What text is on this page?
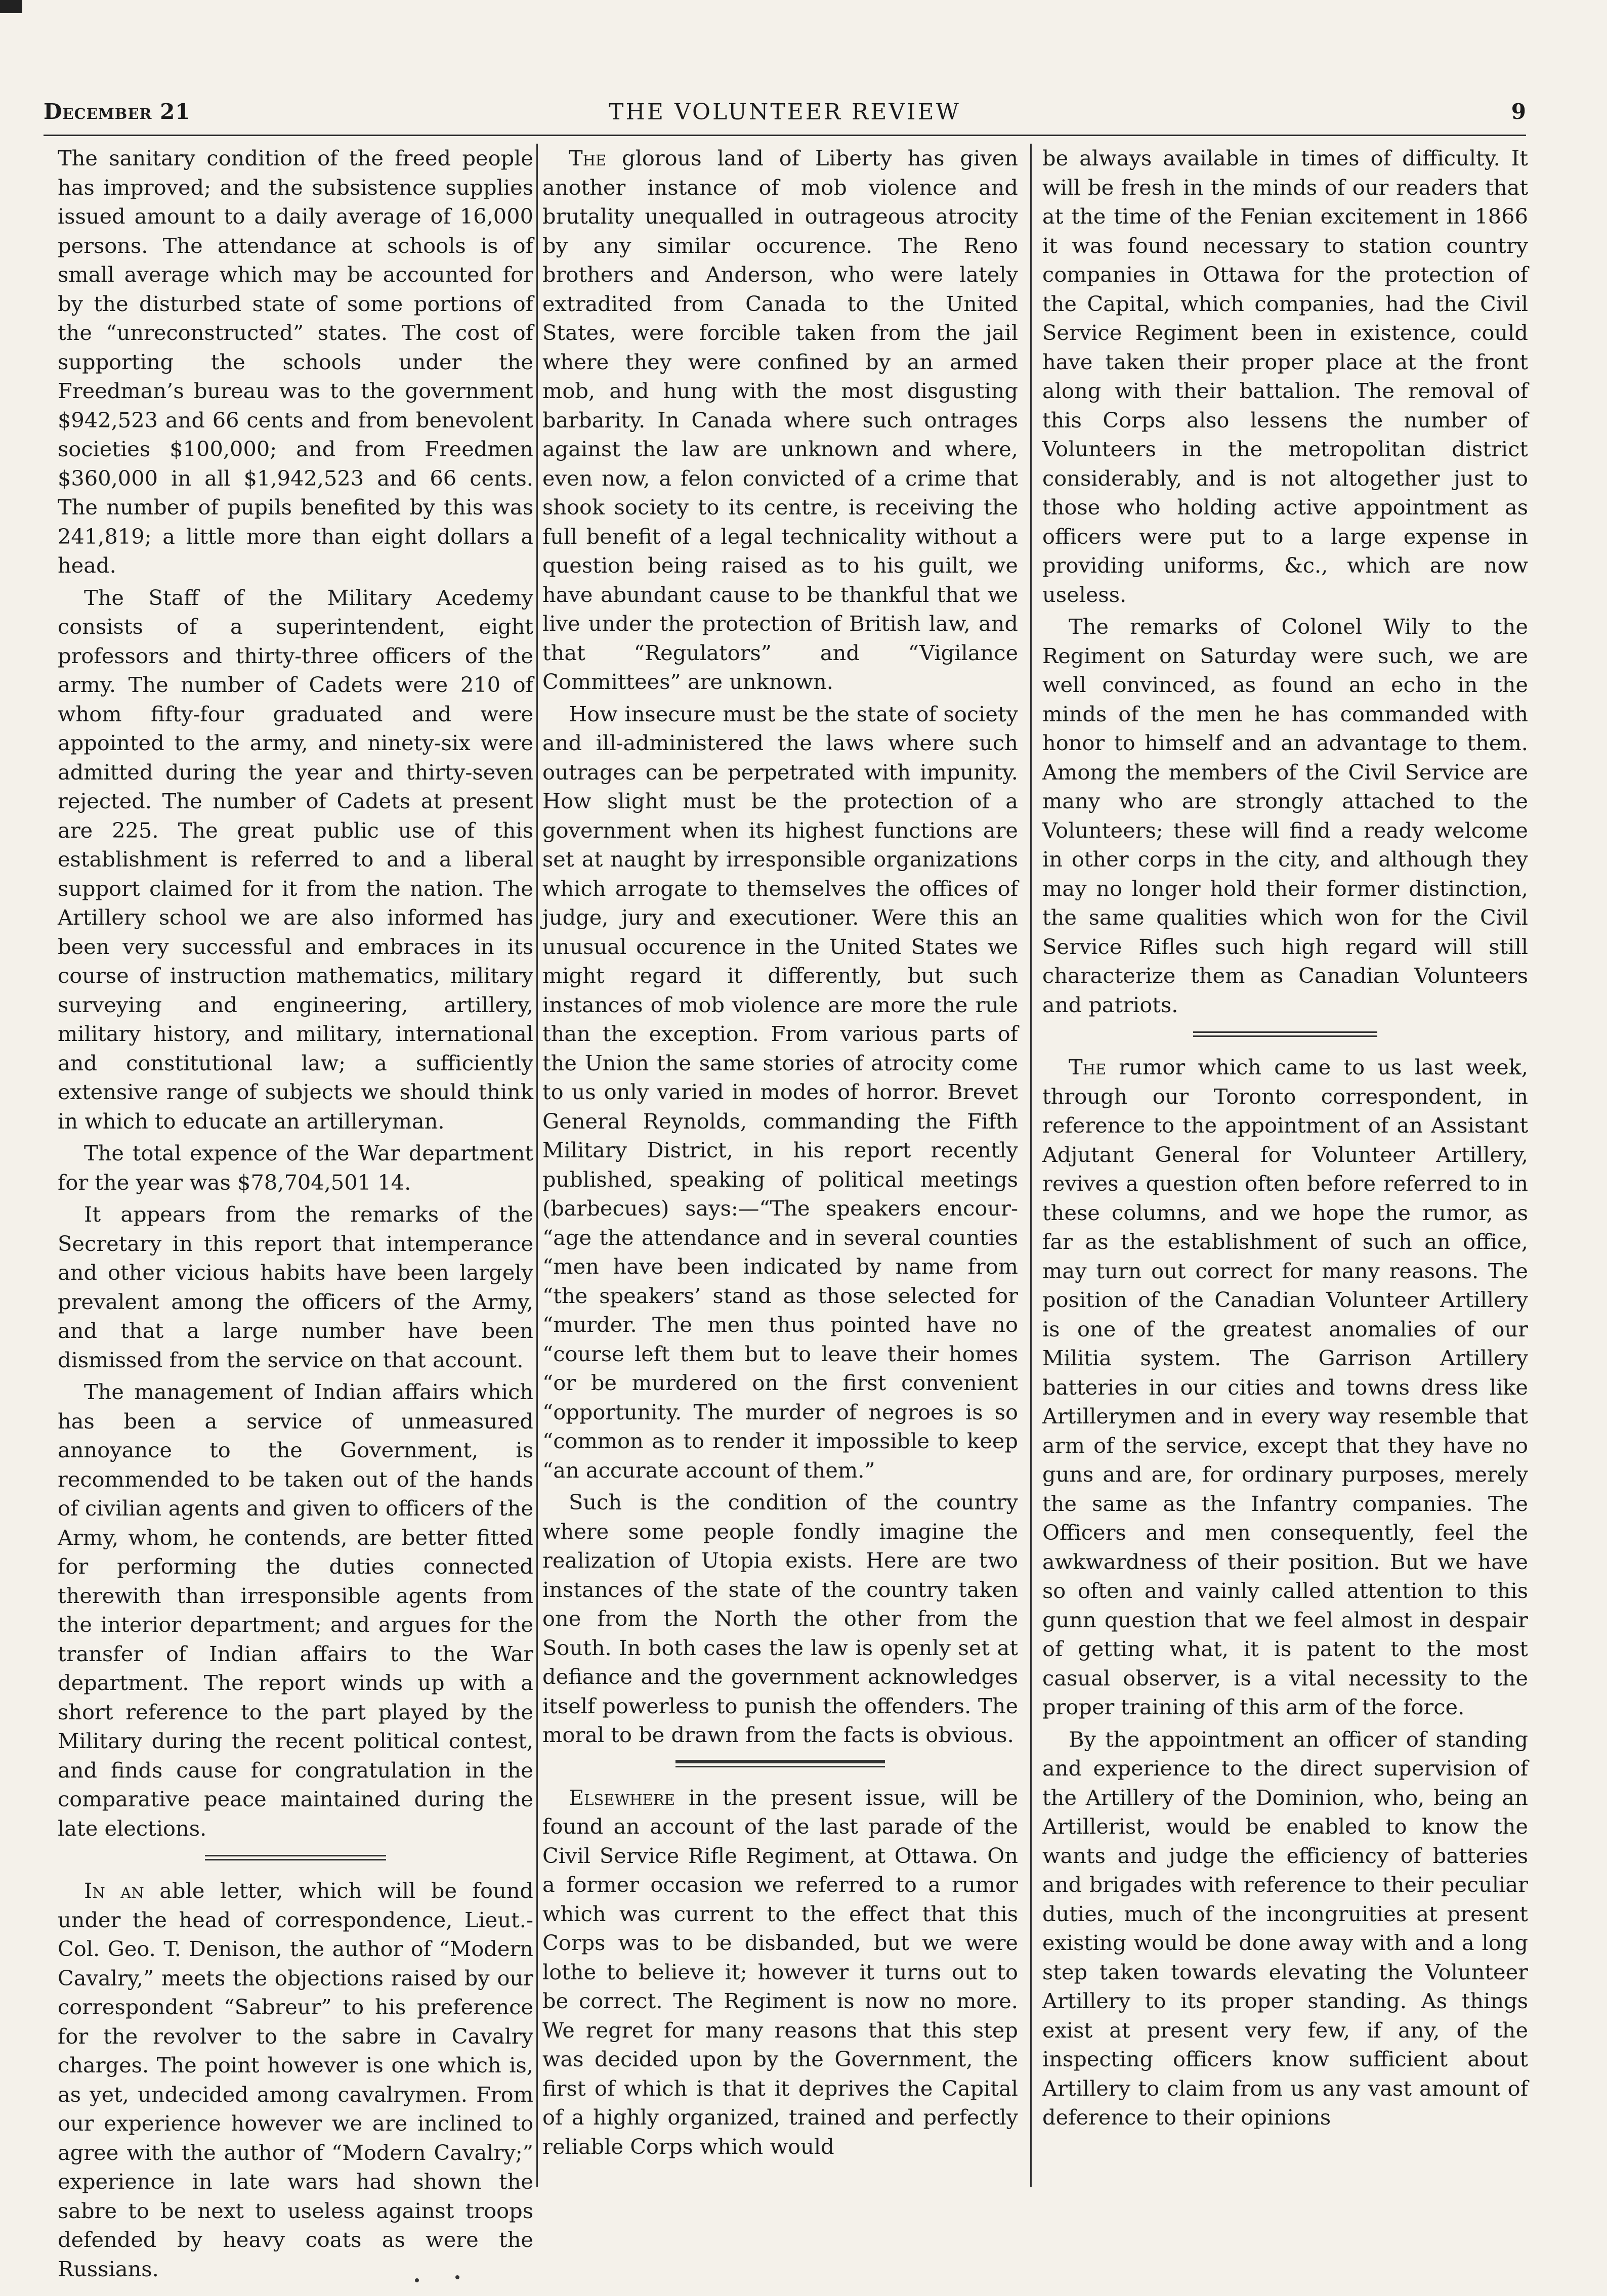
December 21	THE VOLUNTEER REVIEW	9

The sanitary condition of the freed people has improved; and the subsistence supplies issued amount to a daily average of 16,000 persons. The attendance at schools is of small average which may be accounted for by the disturbed state of some portions of the “unreconstructed” states. The cost of supporting the schools under the Freedman’s bureau was to the government $942,523 and 66 cents and from benevolent societies $100,000; and from Freedmen $360,000 in all $1,942,523 and 66 cents. The number of pupils benefited by this was 241,819; a little more than eight dollars a head.

The Staff of the Military Acedemy consists of a superintendent, eight professors and thirty-three officers of the army. The number of Cadets were 210 of whom fifty-four graduated and were appointed to the army, and ninety-six were admitted during the year and thirty-seven rejected. The number of Cadets at present are 225. The great public use of this establishment is referred to and a liberal support claimed for it from the nation. The Artillery school we are also informed has been very successful and embraces in its course of instruction mathematics, military surveying and engineering, artillery, military history, and military, international and constitutional law; a sufficiently extensive range of subjects we should think in which to educate an artilleryman.

The total expence of the War department for the year was $78,704,501 14.

It appears from the remarks of the Secretary in this report that intemperance and other vicious habits have been largely prevalent among the officers of the Army, and that a large number have been dismissed from the service on that account.

The management of Indian affairs which has been a service of unmeasured annoyance to the Government, is recommended to be taken out of the hands of civilian agents and given to officers of the Army, whom, he contends, are better fitted for performing the duties connected therewith than irresponsible agents from the interior department; and argues for the transfer of Indian affairs to the War department. The report winds up with a short reference to the part played by the Military during the recent political contest, and finds cause for congratulation in the comparative peace maintained during the late elections.

In an able letter, which will be found under the head of correspondence, Lieut.-Col. Geo. T. Denison, the author of “Modern Cavalry,” meets the objections raised by our correspondent “Sabreur” to his preference for the revolver to the sabre in Cavalry charges. The point however is one which is, as yet, undecided among cavalrymen. From our experience however we are inclined to agree with the author of “Modern Cavalry;” experience in late wars had shown the sabre to be next to useless against troops defended by heavy coats as were the Russians.

The glorous land of Liberty has given another instance of mob violence and brutality unequalled in outrageous atrocity by any similar occurence. The Reno brothers and Anderson, who were lately extradited from Canada to the United States, were forcible taken from the jail where they were confined by an armed mob, and hung with the most disgusting barbarity. In Canada where such ontrages against the law are unknown and where, even now, a felon convicted of a crime that shook society to its centre, is receiving the full benefit of a legal technicality without a question being raised as to his guilt, we have abundant cause to be thankful that we live under the protection of British law, and that “Regulators” and “Vigilance Committees” are unknown.

How insecure must be the state of society and ill-administered the laws where such outrages can be perpetrated with impunity. How slight must be the protection of a government when its highest functions are set at naught by irresponsible organizations which arrogate to themselves the offices of judge, jury and executioner. Were this an unusual occurence in the United States we might regard it differently, but such instances of mob violence are more the rule than the exception. From various parts of the Union the same stories of atrocity come to us only varied in modes of horror. Brevet General Reynolds, commanding the Fifth Military District, in his report recently published, speaking of political meetings (barbecues) says:—“The speakers encour- “age the attendance and in several counties “men have been indicated by name from “the speakers’ stand as those selected for “murder. The men thus pointed have no “course left them but to leave their homes “or be murdered on the first convenient “opportunity. The murder of negroes is so “common as to render it impossible to keep “an accurate account of them.”

Such is the condition of the country where some people fondly imagine the realization of Utopia exists. Here are two instances of the state of the country taken one from the North the other from the South. In both cases the law is openly set at defiance and the government acknowledges itself powerless to punish the offenders. The moral to be drawn from the facts is obvious.

Elsewhere in the present issue, will be found an account of the last parade of the Civil Service Rifle Regiment, at Ottawa. On a former occasion we referred to a rumor which was current to the effect that this Corps was to be disbanded, but we were lothe to believe it; however it turns out to be correct. The Regiment is now no more. We regret for many reasons that this step was decided upon by the Government, the first of which is that it deprives the Capital of a highly organized, trained and perfectly reliable Corps which would

be always available in times of difficulty. It will be fresh in the minds of our readers that at the time of the Fenian excitement in 1866 it was found necessary to station country companies in Ottawa for the protection of the Capital, which companies, had the Civil Service Regiment been in existence, could have taken their proper place at the front along with their battalion. The removal of this Corps also lessens the number of Volunteers in the metropolitan district considerably, and is not altogether just to those who holding active appointment as officers were put to a large expense in providing uniforms, &c., which are now useless.

The remarks of Colonel Wily to the Regiment on Saturday were such, we are well convinced, as found an echo in the minds of the men he has commanded with honor to himself and an advantage to them. Among the members of the Civil Service are many who are strongly attached to the Volunteers; these will find a ready welcome in other corps in the city, and although they may no longer hold their former distinction, the same qualities which won for the Civil Service Rifles such high regard will still characterize them as Canadian Volunteers and patriots.

The rumor which came to us last week, through our Toronto correspondent, in reference to the appointment of an Assistant Adjutant General for Volunteer Artillery, revives a question often before referred to in these columns, and we hope the rumor, as far as the establishment of such an office, may turn out correct for many reasons. The position of the Canadian Volunteer Artillery is one of the greatest anomalies of our Militia system. The Garrison Artillery batteries in our cities and towns dress like Artillerymen and in every way resemble that arm of the service, except that they have no guns and are, for ordinary purposes, merely the same as the Infantry companies. The Officers and men consequently, feel the awkwardness of their position. But we have so often and vainly called attention to this gunn question that we feel almost in despair of getting what, it is patent to the most casual observer, is a vital necessity to the proper training of this arm of the force.

By the appointment an officer of standing and experience to the direct supervision of the Artillery of the Dominion, who, being an Artillerist, would be enabled to know the wants and judge the efficiency of batteries and brigades with reference to their peculiar duties, much of the incongruities at present existing would be done away with and a long step taken towards elevating the Volunteer Artillery to its proper standing. As things exist at present very few, if any, of the inspecting officers know sufficient about Artillery to claim from us any vast amount of deference to their opinions
